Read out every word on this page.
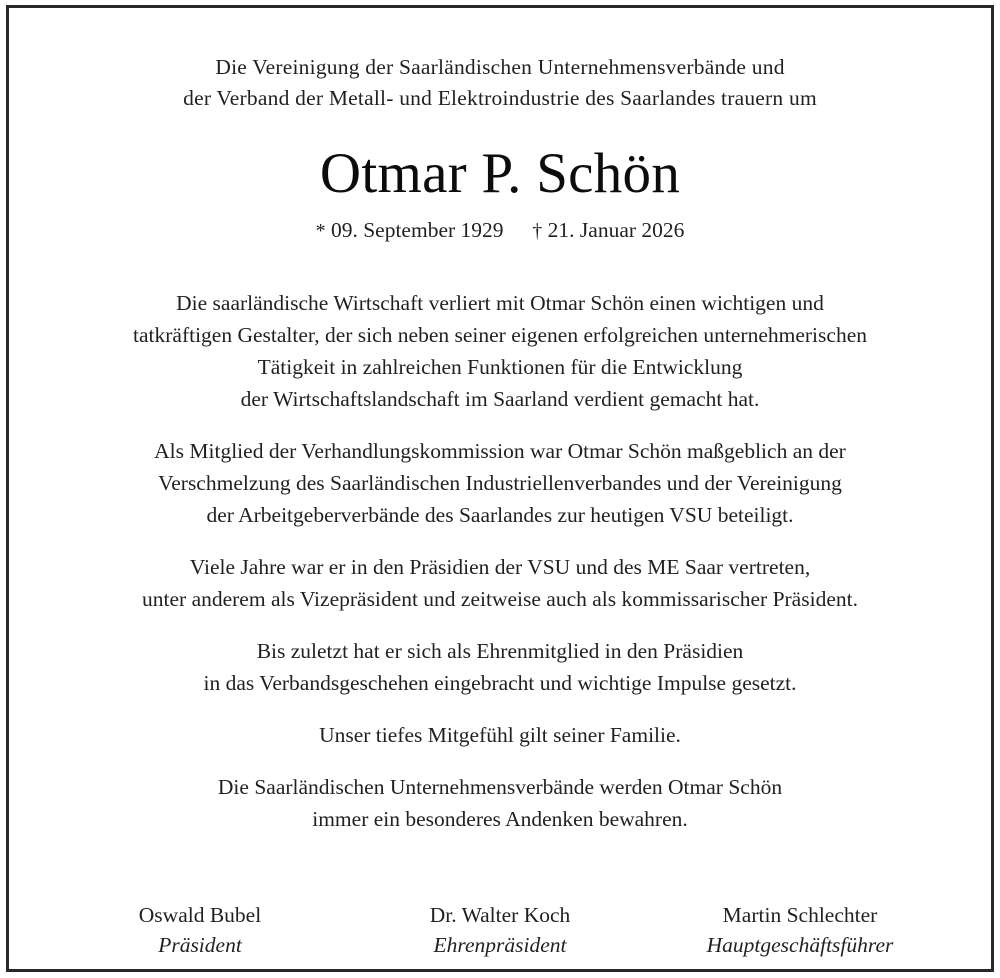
Die Vereinigung der Saarländischen Unternehmensverbände und
der Verband der Metall- und Elektroindustrie des Saarlandes trauern um
Otmar P. Schön
* 09. September 1929 † 21. Januar 2026

Die saarländische Wirtschaft verliert mit Otmar Schön einen wichtigen und
tatkräftigen Gestalter, der sich neben seiner eigenen erfolgreichen unternehmerischen
Tätigkeit in zahlreichen Funktionen für die Entwicklung
der Wirtschaftslandschaft im Saarland verdient gemacht hat.

Als Mitglied der Verhandlungskommission war Otmar Schön maßgeblich an der
Verschmelzung des Saarländischen Industriellenverbandes und der Vereinigung
der Arbeitgeberverbände des Saarlandes zur heutigen VSU beteiligt.

Viele Jahre war er in den Präsidien der VSU und des ME Saar vertreten,
unter anderem als Vizepräsident und zeitweise auch als kommissarischer Präsident.

Bis zuletzt hat er sich als Ehrenmitglied in den Präsidien
in das Verbandsgeschehen eingebracht und wichtige Impulse gesetzt.

Unser tiefes Mitgefühl gilt seiner Familie.

Die Saarländischen Unternehmensverbände werden Otmar Schön
immer ein besonderes Andenken bewahren.

Oswald Bubel
Präsident
Dr. Walter Koch
Ehrenpräsident
Martin Schlechter
Hauptgeschäftsführer
